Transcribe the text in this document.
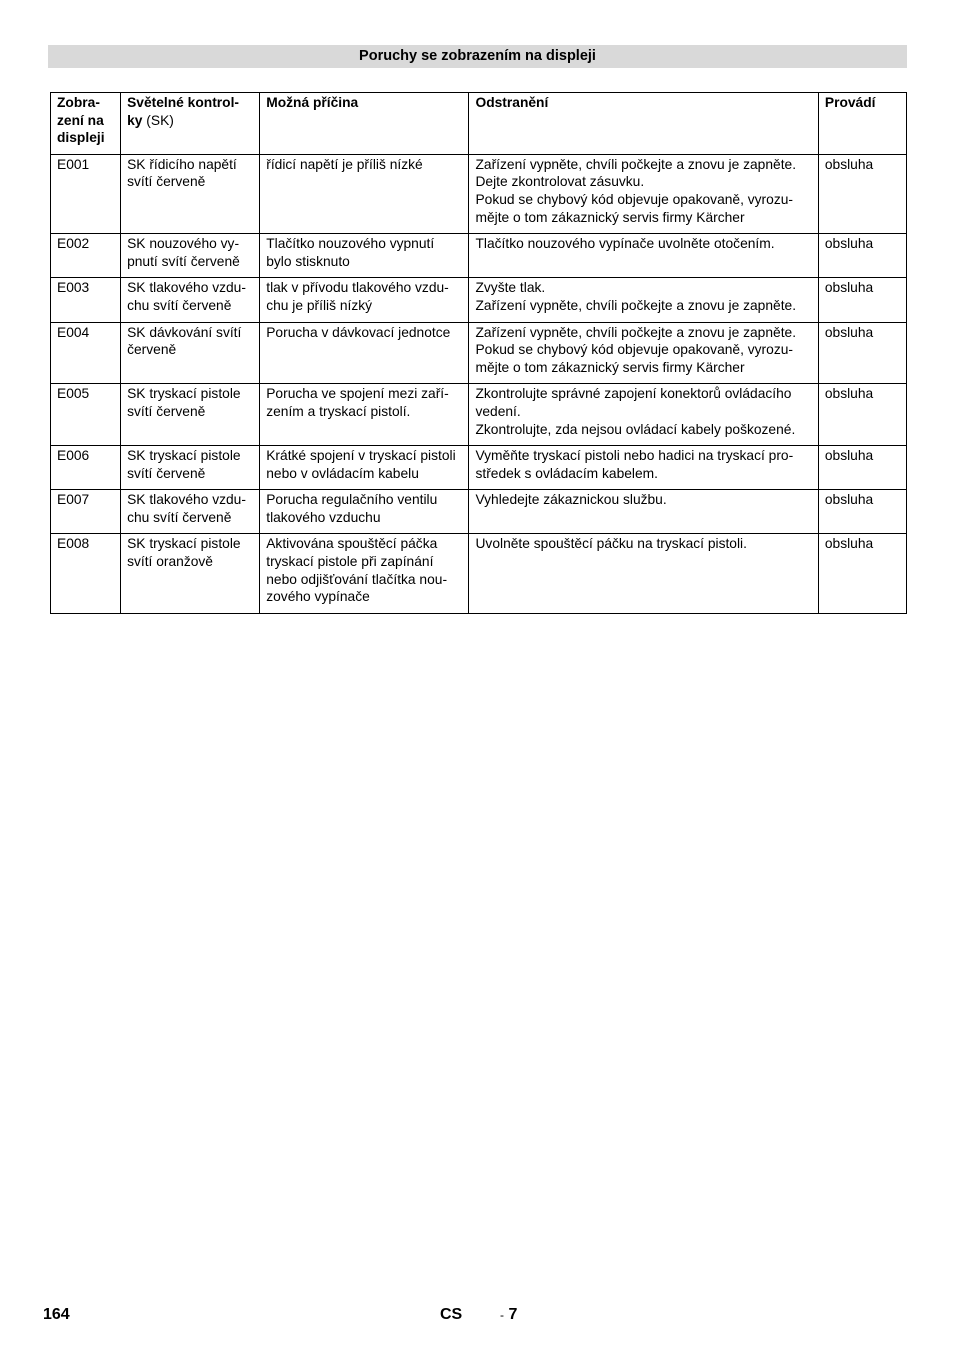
Poruchy se zobrazením na displeji
Zobra-
zení na
displeji	Světelné kontrol-
ky (SK)	Možná příčina	Odstranění	Provádí
E001	SK řídicího napětí
svítí červeně	řídicí napětí je příliš nízké	Zařízení vypněte, chvíli počkejte a znovu je zapněte.
Dejte zkontrolovat zásuvku.
Pokud se chybový kód objevuje opakovaně, vyrozu-
mějte o tom zákaznický servis firmy Kärcher	obsluha
E002	SK nouzového vy-
pnutí svítí červeně	Tlačítko nouzového vypnutí
bylo stisknuto	Tlačítko nouzového vypínače uvolněte otočením.	obsluha
E003	SK tlakového vzdu-
chu svítí červeně	tlak v přívodu tlakového vzdu-
chu je příliš nízký	Zvyšte tlak.
Zařízení vypněte, chvíli počkejte a znovu je zapněte.	obsluha
E004	SK dávkování svítí
červeně	Porucha v dávkovací jednotce	Zařízení vypněte, chvíli počkejte a znovu je zapněte.
Pokud se chybový kód objevuje opakovaně, vyrozu-
mějte o tom zákaznický servis firmy Kärcher	obsluha
E005	SK tryskací pistole
svítí červeně	Porucha ve spojení mezi zaří-
zením a tryskací pistolí.	Zkontrolujte správné zapojení konektorů ovládacího
vedení.
Zkontrolujte, zda nejsou ovládací kabely poškozené.	obsluha
E006	SK tryskací pistole
svítí červeně	Krátké spojení v tryskací pistoli
nebo v ovládacím kabelu	Vyměňte tryskací pistoli nebo hadici na tryskací pro-
středek s ovládacím kabelem.	obsluha
E007	SK tlakového vzdu-
chu svítí červeně	Porucha regulačního ventilu
tlakového vzduchu	Vyhledejte zákaznickou službu.	obsluha
E008	SK tryskací pistole
svítí oranžově	Aktivována spouštěcí páčka
tryskací pistole při zapínání
nebo odjišťování tlačítka nou-
zového vypínače	Uvolněte spouštěcí páčku na tryskací pistoli.	obsluha
164	CS	- 7
